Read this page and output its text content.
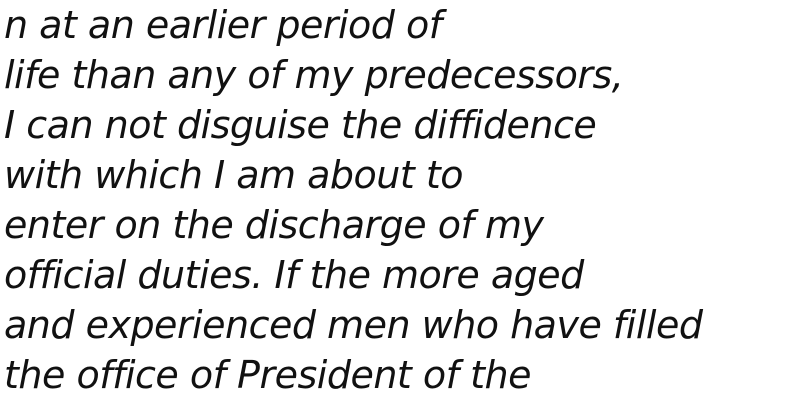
n at an earlier period of
life than any of my predecessors,
I can not disguise the diffidence
with which I am about to
enter on the discharge of my
official duties. If the more aged
and experienced men who have filled
the office of President of the
